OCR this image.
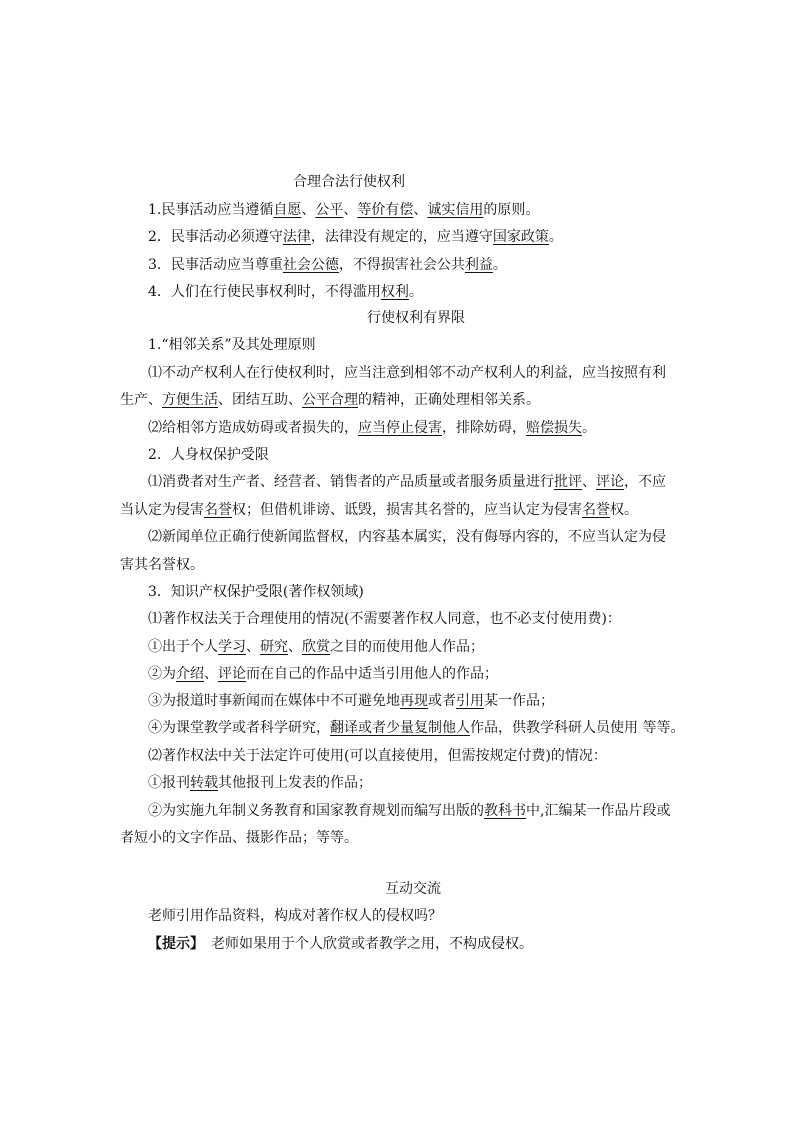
合理合法行使权利
1.民事活动应当遵循自愿、公平、等价有偿、诚实信用的原则。
2．民事活动必须遵守法律，法律没有规定的，应当遵守国家政策。
3．民事活动应当尊重社会公德，不得损害社会公共利益。
4．人们在行使民事权利时，不得滥用权利。
行使权利有界限
1.“相邻关系”及其处理原则
⑴不动产权利人在行使权利时，应当注意到相邻不动产权利人的利益，应当按照有利
生产、方便生活、团结互助、公平合理的精神，正确处理相邻关系。
⑵给相邻方造成妨碍或者损失的，应当停止侵害，排除妨碍，赔偿损失。
2．人身权保护受限
⑴消费者对生产者、经营者、销售者的产品质量或者服务质量进行批评、评论，不应
当认定为侵害名誉权；但借机诽谤、诋毁，损害其名誉的，应当认定为侵害名誉权。
⑵新闻单位正确行使新闻监督权，内容基本属实，没有侮辱内容的，不应当认定为侵
害其名誉权。
3．知识产权保护受限(著作权领域)
⑴著作权法关于合理使用的情况(不需要著作权人同意，也不必支付使用费)：
①出于个人学习、研究、欣赏之目的而使用他人作品；
②为介绍、评论而在自己的作品中适当引用他人的作品；
③为报道时事新闻而在媒体中不可避免地再现或者引用某一作品；
④为课堂教学或者科学研究，翻译或者少量复制他人作品，供教学科研人员使用 等等。
⑵著作权法中关于法定许可使用(可以直接使用，但需按规定付费)的情况：
①报刊转载其他报刊上发表的作品；
②为实施九年制义务教育和国家教育规划而编写出版的教科书中,汇编某一作品片段或
者短小的文字作品、摄影作品；等等。
互动交流
老师引用作品资料，构成对著作权人的侵权吗？
【提示】　老师如果用于个人欣赏或者教学之用，不构成侵权。
